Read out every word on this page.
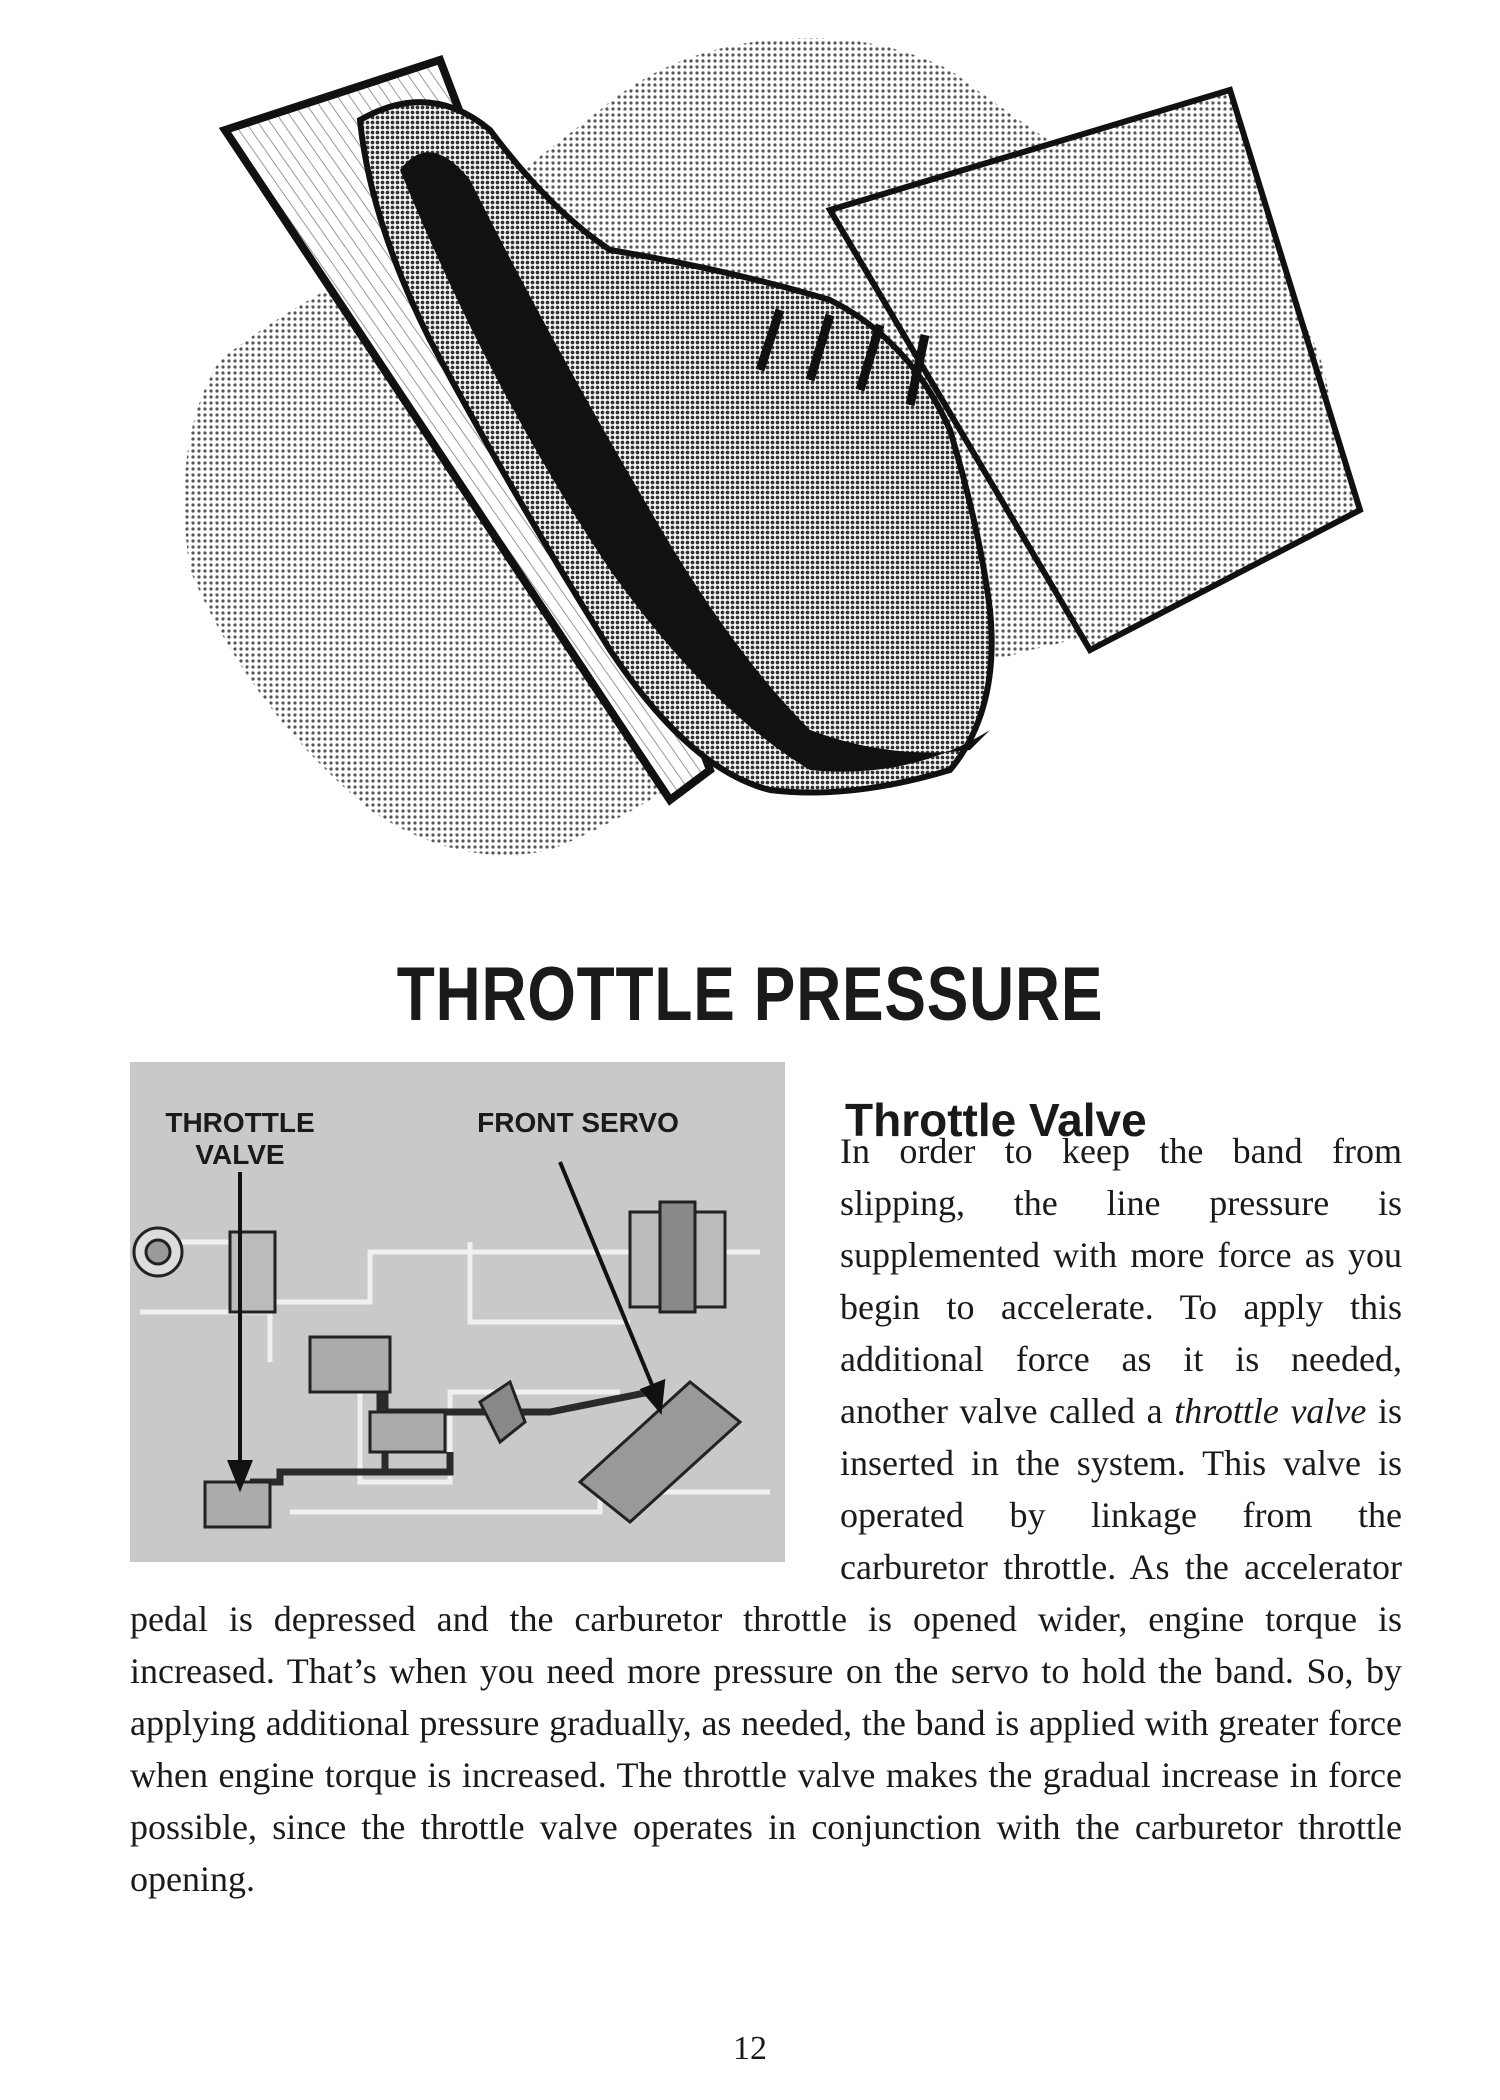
THROTTLE PRESSURE
THROTTLE
VALVE
FRONT SERVO	Throttle Valve

In order to keep the band from slipping, the line pressure is supplemented with more force as you begin to accelerate. To apply this additional force as it is needed, another valve called a throttle valve is inserted in the system. This valve is operated by linkage from the carburetor throttle. As the accelerator pedal is depressed and the carburetor throttle is opened wider, engine torque is increased. That’s when you need more pressure on the servo to hold the band. So, by applying additional pressure gradually, as needed, the band is applied with greater force when engine torque is increased. The throttle valve makes the gradual increase in force possible, since the throttle valve operates in conjunction with the carburetor throttle opening.

12
